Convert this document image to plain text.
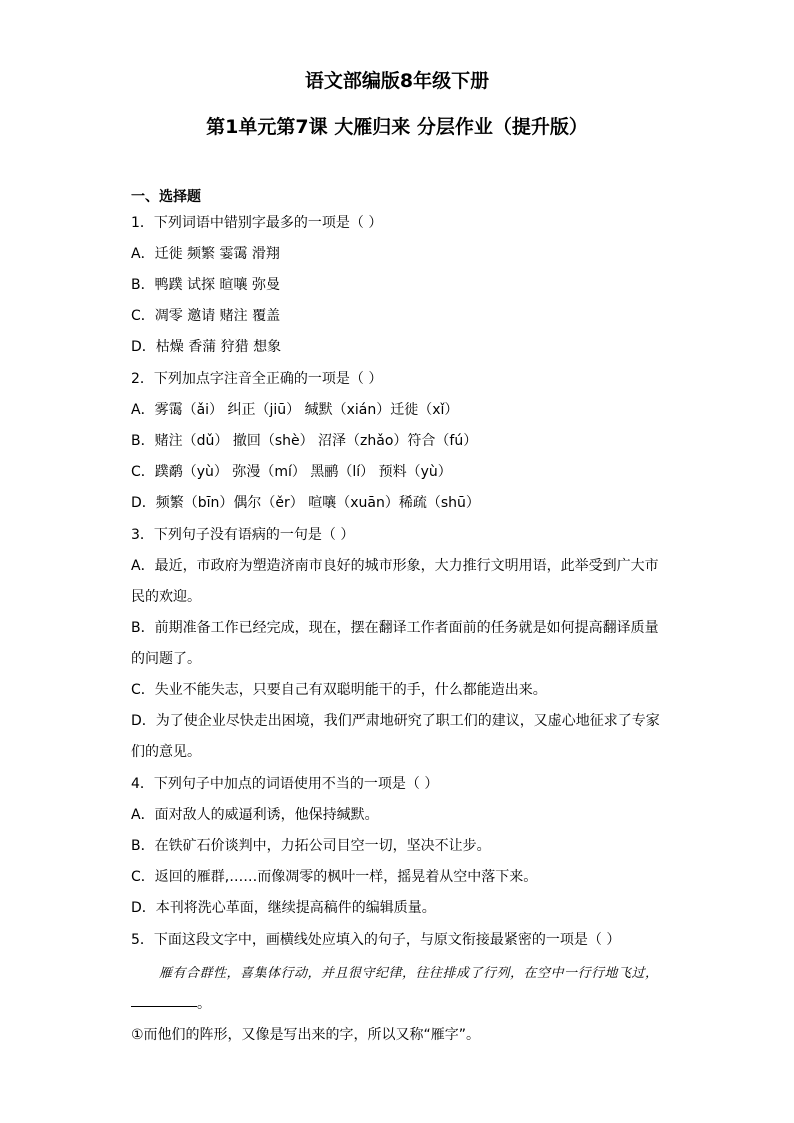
语文部编版8年级下册
第1单元第7课 大雁归来 分层作业（提升版）
一、选择题
1．下列词语中错别字最多的一项是（ ）
A．迁徙 频繁 霎霭 滑翔
B．鸭蹼 试探 暄嚷 弥曼
C．凋零 邀请 赌注 覆盖
D．枯燥 香蒲 狩猎 想象
2．下列加点字注音全正确的一项是（ ）
A．雾霭（ǎi） 纠正（jiū） 缄默（xián）迁徙（xǐ）
B．赌注（dǔ） 撤回（shè） 沼泽（zhǎo）符合（fú）
C．蹼鹬（yù） 弥漫（mí） 黑鹂（lí） 预料（yù）
D．频繁（bīn）偶尔（ěr） 喧嚷（xuān）稀疏（shū）
3．下列句子没有语病的一句是（ ）
A．最近，市政府为塑造济南市良好的城市形象，大力推行文明用语，此举受到广大市
民的欢迎。
B．前期准备工作已经完成，现在，摆在翻译工作者面前的任务就是如何提高翻译质量
的问题了。
C．失业不能失志，只要自己有双聪明能干的手，什么都能造出来。
D．为了使企业尽快走出困境，我们严肃地研究了职工们的建议，又虚心地征求了专家
们的意见。
4．下列句子中加点的词语使用不当的一项是（ ）
A．面对敌人的威逼利诱，他保持缄默。
B．在铁矿石价谈判中，力拓公司目空一切，坚决不让步。
C．返回的雁群,……而像凋零的枫叶一样，摇晃着从空中落下来。
D．本刊将洗心革面，继续提高稿件的编辑质量。
5．下面这段文字中，画横线处应填入的句子，与原文衔接最紧密的一项是（ ）
雁有合群性，喜集体行动，并且很守纪律，往往排成了行列，在空中一行行地飞过，
。
①而他们的阵形，又像是写出来的字，所以又称“雁字”。
